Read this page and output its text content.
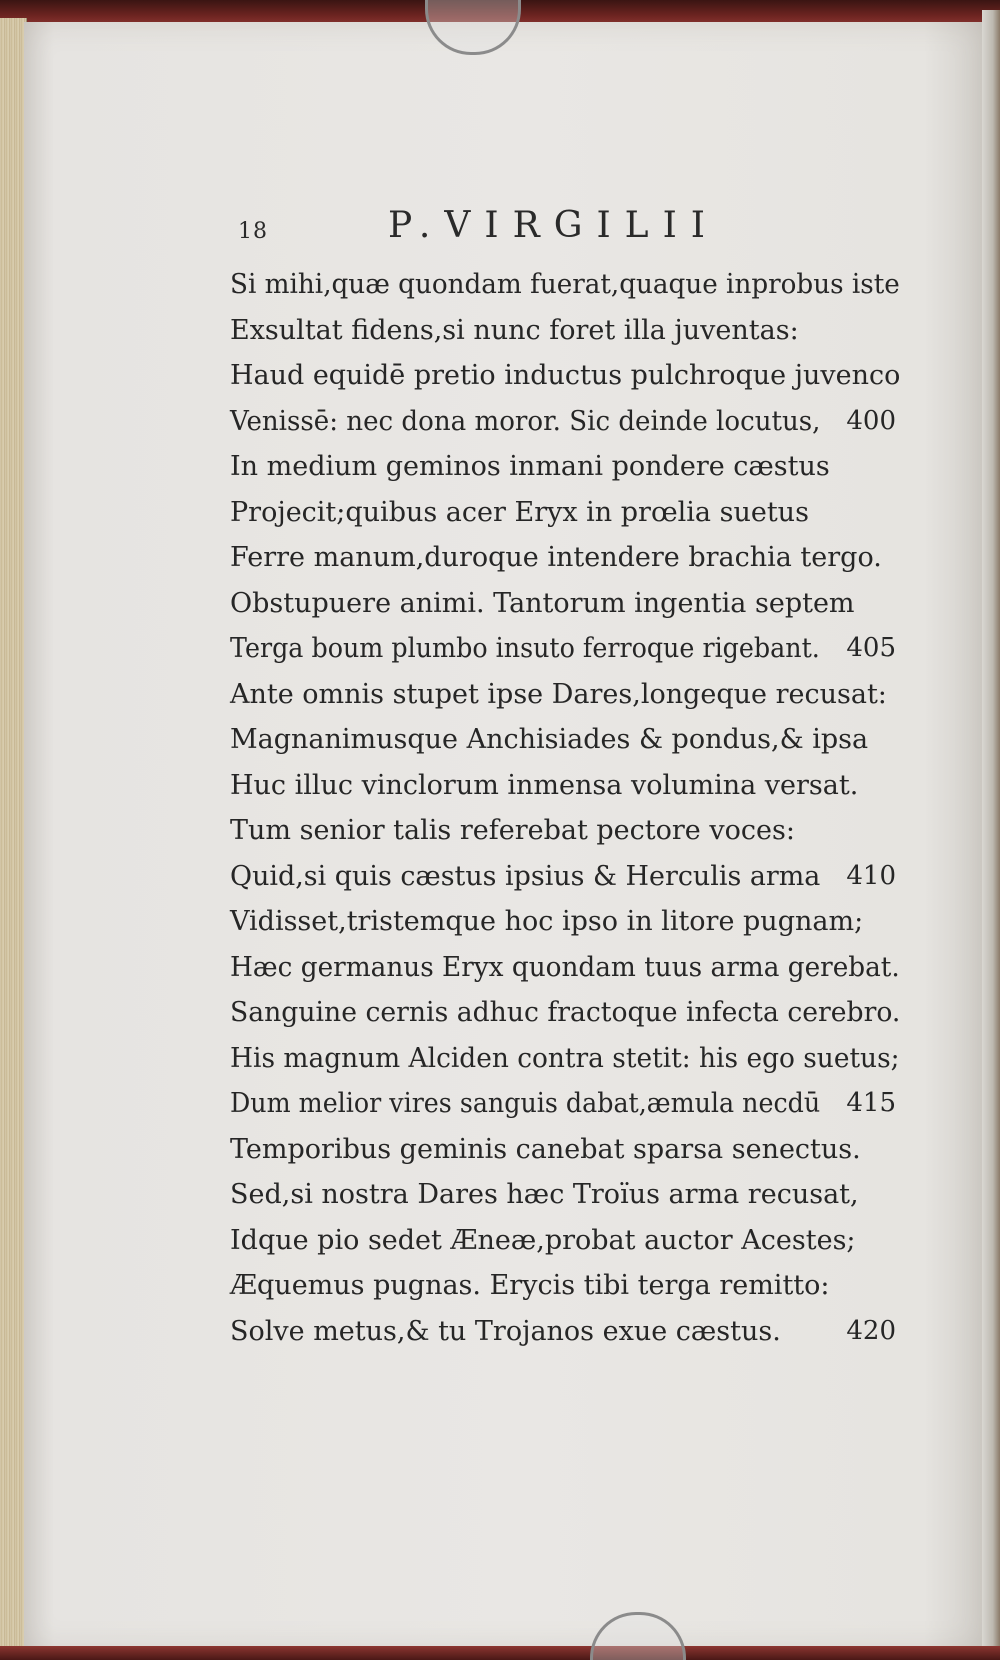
18	P.VIRGILII
Si mihi,quæ quondam fuerat,quaque inprobus iste
Exsultat fidens,si nunc foret illa juventas:
Haud equidē pretio inductus pulchroque juvenco
Venissē: nec dona moror. Sic deinde locutus, 400
In medium geminos inmani pondere cæstus
Projecit;quibus acer Eryx in prœlia suetus
Ferre manum,duroque intendere brachia tergo.
Obstupuere animi. Tantorum ingentia septem
Terga boum plumbo insuto ferroque rigebant. 405
Ante omnis stupet ipse Dares,longeque recusat:
Magnanimusque Anchisiades & pondus,& ipsa
Huc illuc vinclorum inmensa volumina versat.
Tum senior talis referebat pectore voces:
Quid,si quis cæstus ipsius & Herculis arma 410
Vidisset,tristemque hoc ipso in litore pugnam;
Hæc germanus Eryx quondam tuus arma gerebat.
Sanguine cernis adhuc fractoque infecta cerebro.
His magnum Alciden contra stetit: his ego suetus;
Dum melior vires sanguis dabat,æmula necdū 415
Temporibus geminis canebat sparsa senectus.
Sed,si nostra Dares hæc Troïus arma recusat,
Idque pio sedet Æneæ,probat auctor Acestes;
Æquemus pugnas. Erycis tibi terga remitto:
Solve metus,& tu Trojanos exue cæstus.	420
